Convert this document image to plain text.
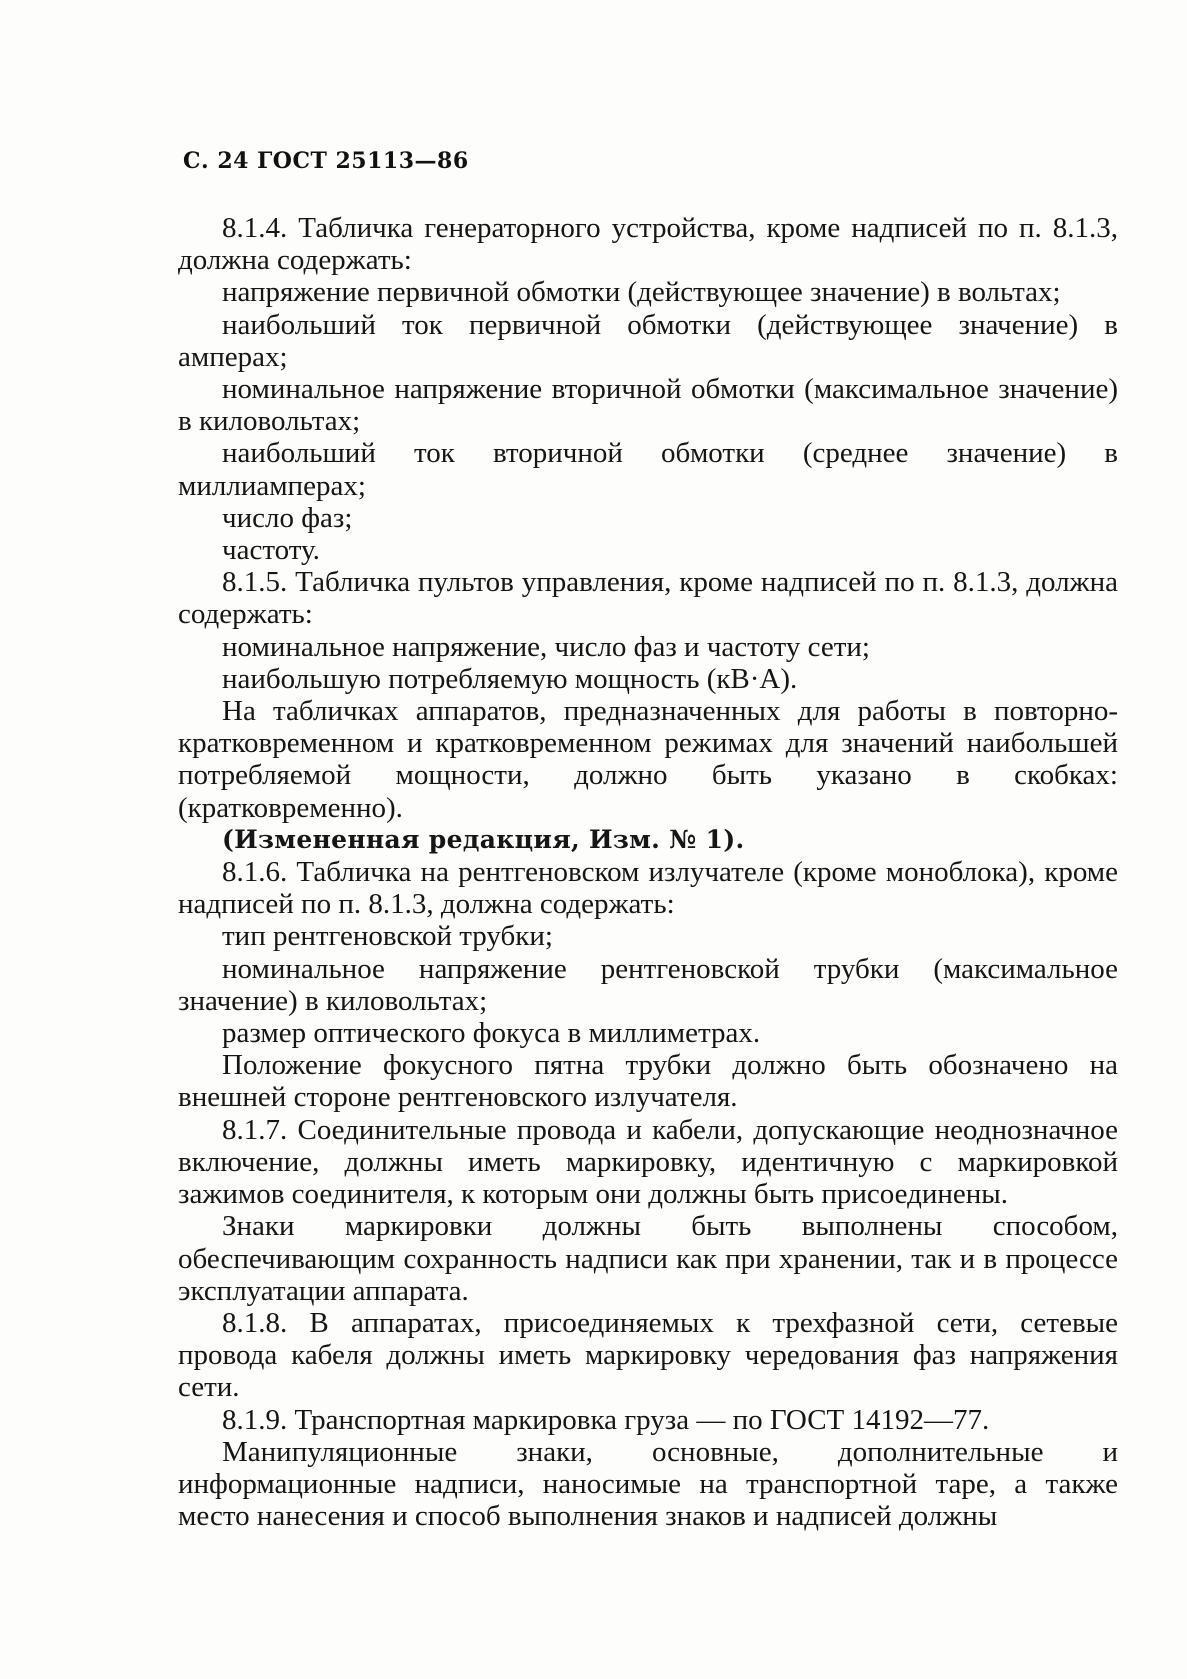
С. 24 ГОСТ 25113—86

8.1.4. Табличка генераторного устройства, кроме надписей по п. 8.1.3, должна содержать:

напряжение первичной обмотки (действующее значение) в вольтах;

наибольший ток первичной обмотки (действующее значение) в амперах;

номинальное напряжение вторичной обмотки (максимальное значение) в киловольтах;

наибольший ток вторичной обмотки (среднее значение) в миллиамперах;

число фаз;

частоту.

8.1.5. Табличка пультов управления, кроме надписей по п. 8.1.3, должна содержать:

номинальное напряжение, число фаз и частоту сети;

наибольшую потребляемую мощность (кВ·А).

На табличках аппаратов, предназначенных для работы в повторно-кратковременном и кратковременном режимах для значений наибольшей потребляемой мощности, должно быть указано в скобках: (кратковременно).

(Измененная редакция, Изм. № 1).

8.1.6. Табличка на рентгеновском излучателе (кроме моноблока), кроме надписей по п. 8.1.3, должна содержать:

тип рентгеновской трубки;

номинальное напряжение рентгеновской трубки (максимальное значение) в киловольтах;

размер оптического фокуса в миллиметрах.

Положение фокусного пятна трубки должно быть обозначено на внешней стороне рентгеновского излучателя.

8.1.7. Соединительные провода и кабели, допускающие неоднозначное включение, должны иметь маркировку, идентичную с маркировкой зажимов соединителя, к которым они должны быть присоединены.

Знаки маркировки должны быть выполнены способом, обеспечивающим сохранность надписи как при хранении, так и в процессе эксплуатации аппарата.

8.1.8. В аппаратах, присоединяемых к трехфазной сети, сетевые провода кабеля должны иметь маркировку чередования фаз напряжения сети.

8.1.9. Транспортная маркировка груза — по ГОСТ 14192—77.

Манипуляционные знаки, основные, дополнительные и информационные надписи, наносимые на транспортной таре, а также место нанесения и способ выполнения знаков и надписей должны
